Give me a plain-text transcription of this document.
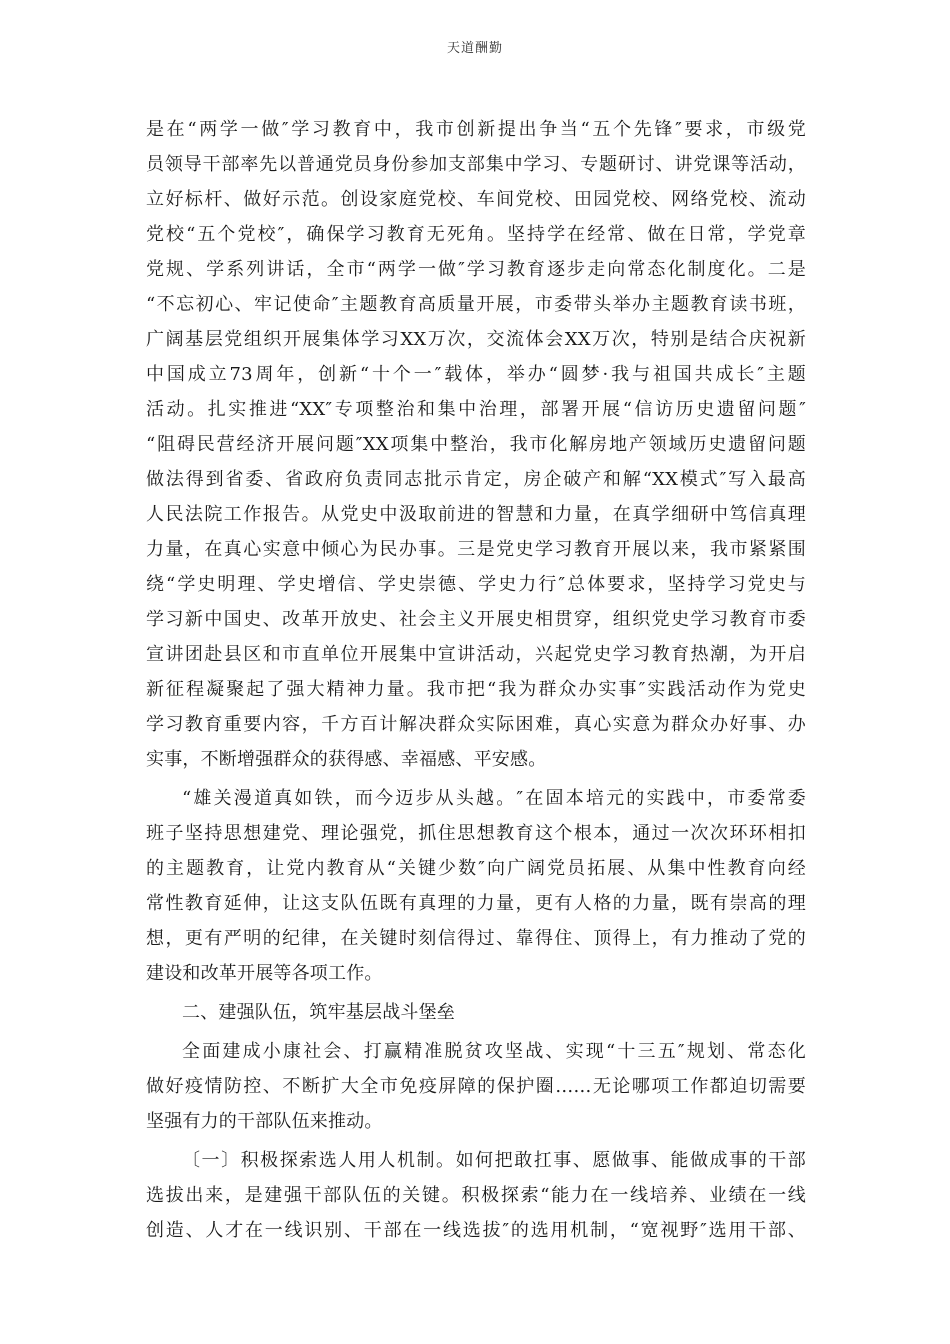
天道酬勤
是在“两学一做″学习教育中，我市创新提出争当“五个先锋″要求，市级党
员领导干部率先以普通党员身份参加支部集中学习、专题研讨、讲党课等活动，
立好标杆、做好示范。创设家庭党校、车间党校、田园党校、网络党校、流动
党校“五个党校″，确保学习教育无死角。坚持学在经常、做在日常，学党章
党规、学系列讲话，全市“两学一做″学习教育逐步走向常态化制度化。二是
“不忘初心、牢记使命″主题教育高质量开展，市委带头举办主题教育读书班，
广阔基层党组织开展集体学习XX万次，交流体会XX万次，特别是结合庆祝新
中国成立73周年，创新“十个一″载体，举办“圆梦·我与祖国共成长″主题
活动。扎实推进“XX″专项整治和集中治理，部署开展“信访历史遗留问题″
“阻碍民营经济开展问题″XX项集中整治，我市化解房地产领域历史遗留问题
做法得到省委、省政府负责同志批示肯定，房企破产和解“XX模式″写入最高
人民法院工作报告。从党史中汲取前进的智慧和力量，在真学细研中笃信真理
力量，在真心实意中倾心为民办事。三是党史学习教育开展以来，我市紧紧围
绕“学史明理、学史增信、学史崇德、学史力行″总体要求，坚持学习党史与
学习新中国史、改革开放史、社会主义开展史相贯穿，组织党史学习教育市委
宣讲团赴县区和市直单位开展集中宣讲活动，兴起党史学习教育热潮，为开启
新征程凝聚起了强大精神力量。我市把“我为群众办实事″实践活动作为党史
学习教育重要内容，千方百计解决群众实际困难，真心实意为群众办好事、办
实事，不断增强群众的获得感、幸福感、平安感。
“雄关漫道真如铁，而今迈步从头越。″在固本培元的实践中，市委常委
班子坚持思想建党、理论强党，抓住思想教育这个根本，通过一次次环环相扣
的主题教育，让党内教育从“关键少数″向广阔党员拓展、从集中性教育向经
常性教育延伸，让这支队伍既有真理的力量，更有人格的力量，既有崇高的理
想，更有严明的纪律，在关键时刻信得过、靠得住、顶得上，有力推动了党的
建设和改革开展等各项工作。
二、建强队伍，筑牢基层战斗堡垒
全面建成小康社会、打赢精准脱贫攻坚战、实现“十三五″规划、常态化
做好疫情防控、不断扩大全市免疫屏障的保护圈……无论哪项工作都迫切需要
坚强有力的干部队伍来推动。
〔一〕积极探索选人用人机制。如何把敢扛事、愿做事、能做成事的干部
选拔出来，是建强干部队伍的关键。积极探索“能力在一线培养、业绩在一线
创造、人才在一线识别、干部在一线选拔″的选用机制，“宽视野″选用干部、
